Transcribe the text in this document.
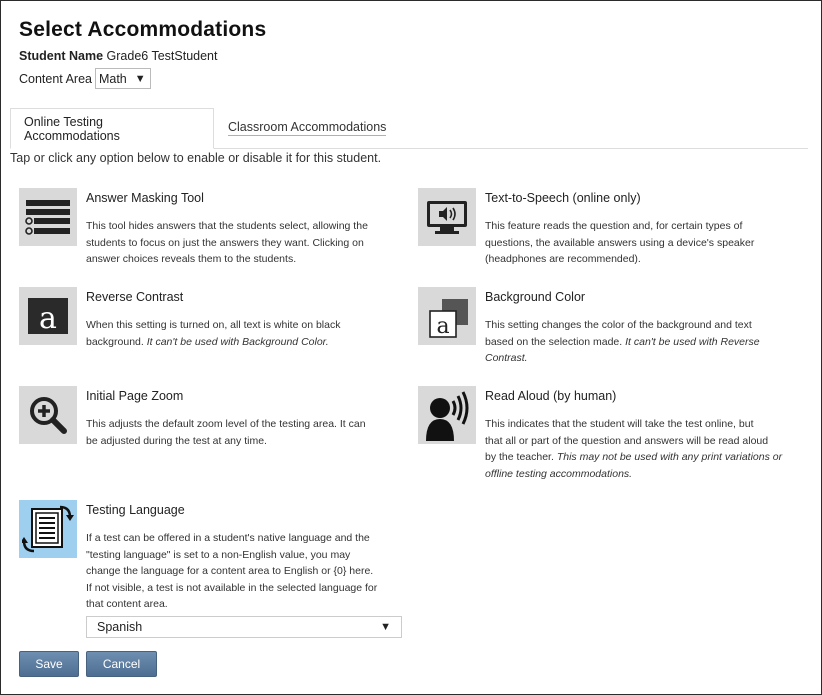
Select Accommodations
Student Name Grade6 TestStudent
Content Area Math ▼
Online Testing Accommodations
Classroom Accommodations
Tap or click any option below to enable or disable it for this student.
Answer Masking Tool
This tool hides answers that the students select, allowing the
students to focus on just the answers they want. Clicking on
answer choices reveals them to the students.
Text-to-Speech (online only)
This feature reads the question and, for certain types of
questions, the available answers using a device's speaker
(headphones are recommended).
a
Reverse Contrast
When this setting is turned on, all text is white on black
background. It can't be used with Background Color.
a
Background Color
This setting changes the color of the background and text
based on the selection made. It can't be used with Reverse
Contrast.
Initial Page Zoom
This adjusts the default zoom level of the testing area. It can
be adjusted during the test at any time.
Read Aloud (by human)
This indicates that the student will take the test online, but
that all or part of the question and answers will be read aloud
by the teacher. This may not be used with any print variations or
offline testing accommodations.
Testing Language
If a test can be offered in a student's native language and the
"testing language" is set to a non-English value, you may
change the language for a content area to English or {0} here.
If not visible, a test is not available in the selected language for
that content area.
Spanish	▼
Save	Cancel
